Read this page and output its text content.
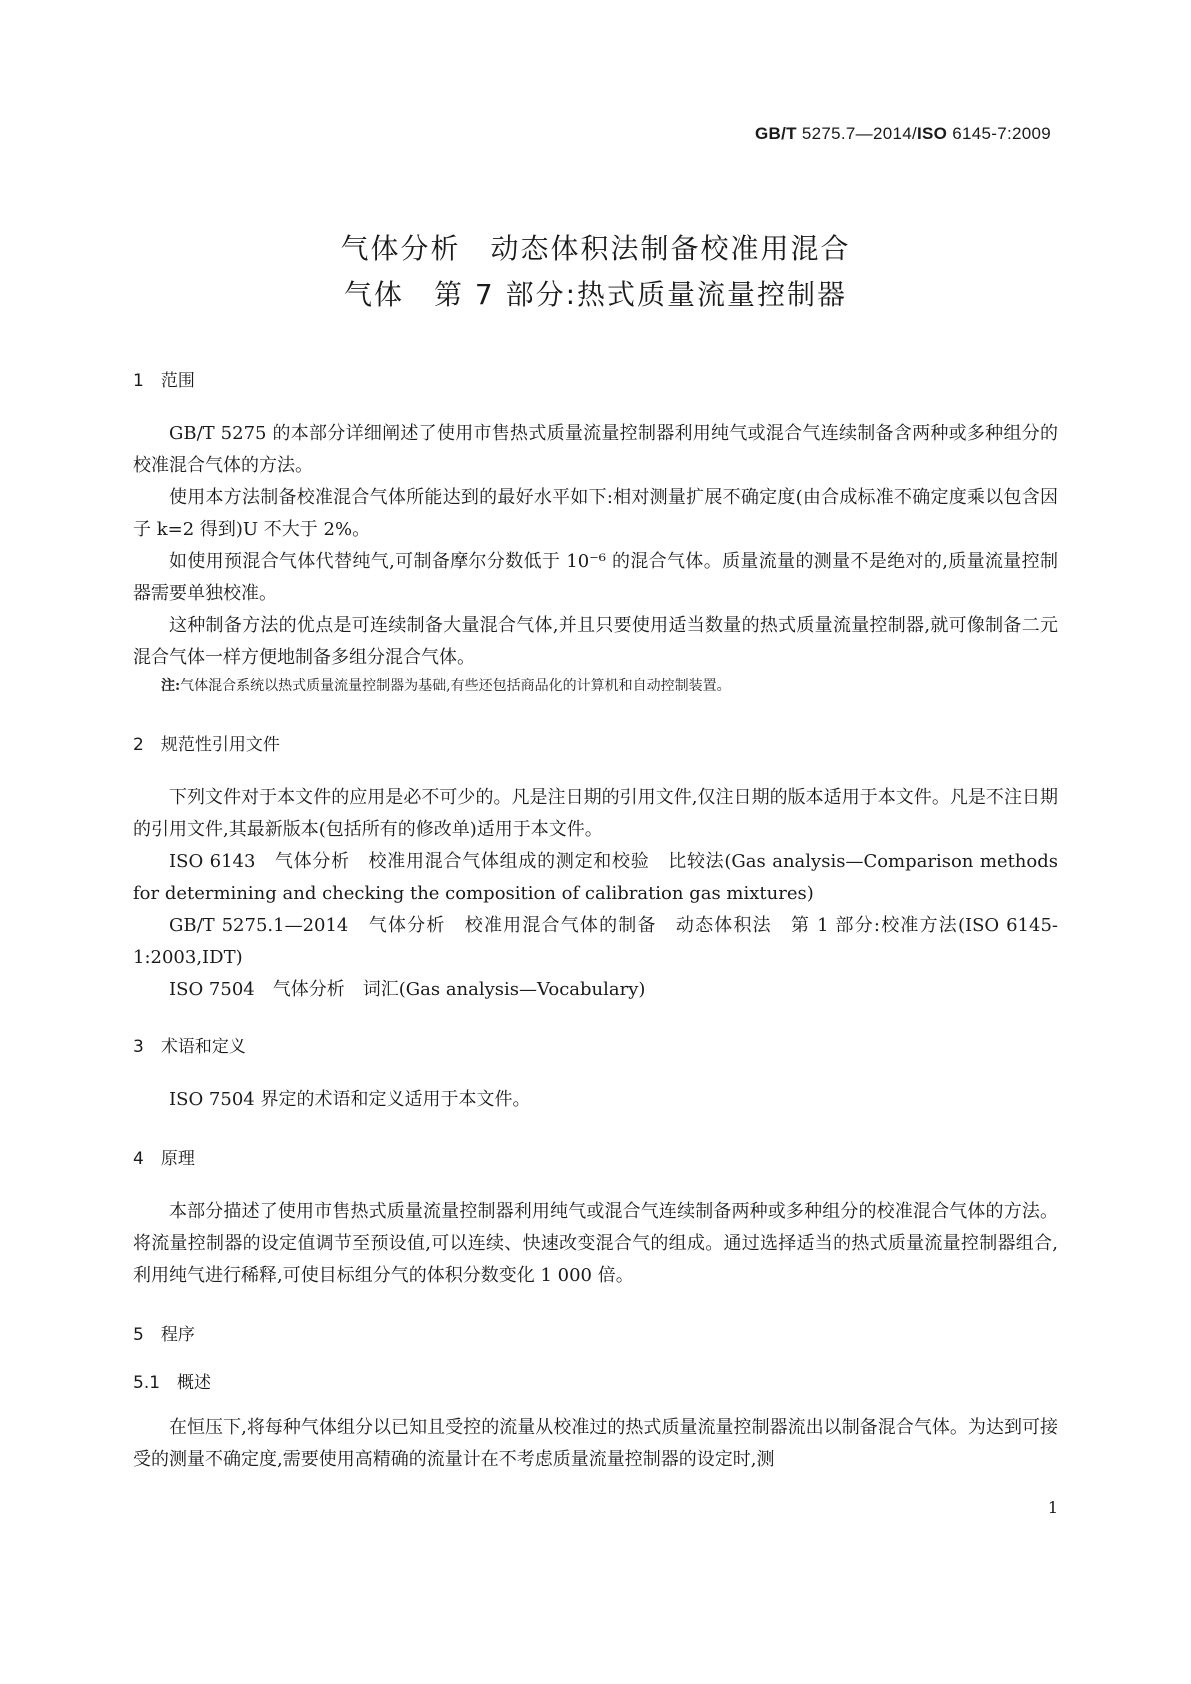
GB/T 5275.7—2014/ISO 6145-7:2009
气体分析　动态体积法制备校准用混合
气体　第 7 部分:热式质量流量控制器
1　范围

GB/T 5275 的本部分详细阐述了使用市售热式质量流量控制器利用纯气或混合气连续制备含两种或多种组分的校准混合气体的方法。

使用本方法制备校准混合气体所能达到的最好水平如下:相对测量扩展不确定度(由合成标准不确定度乘以包含因子 k=2 得到)U 不大于 2%。

如使用预混合气体代替纯气,可制备摩尔分数低于 10⁻⁶ 的混合气体。质量流量的测量不是绝对的,质量流量控制器需要单独校准。

这种制备方法的优点是可连续制备大量混合气体,并且只要使用适当数量的热式质量流量控制器,就可像制备二元混合气体一样方便地制备多组分混合气体。

注:气体混合系统以热式质量流量控制器为基础,有些还包括商品化的计算机和自动控制装置。

2　规范性引用文件

下列文件对于本文件的应用是必不可少的。凡是注日期的引用文件,仅注日期的版本适用于本文件。凡是不注日期的引用文件,其最新版本(包括所有的修改单)适用于本文件。

ISO 6143　气体分析　校准用混合气体组成的测定和校验　比较法(Gas analysis—Comparison methods for determining and checking the composition of calibration gas mixtures)

GB/T 5275.1—2014　气体分析　校准用混合气体的制备　动态体积法　第 1 部分:校准方法(ISO 6145-1:2003,IDT)

ISO 7504　气体分析　词汇(Gas analysis—Vocabulary)

3　术语和定义

ISO 7504 界定的术语和定义适用于本文件。

4　原理

本部分描述了使用市售热式质量流量控制器利用纯气或混合气连续制备两种或多种组分的校准混合气体的方法。将流量控制器的设定值调节至预设值,可以连续、快速改变混合气的组成。通过选择适当的热式质量流量控制器组合,利用纯气进行稀释,可使目标组分气的体积分数变化 1 000 倍。

5　程序
5.1　概述

在恒压下,将每种气体组分以已知且受控的流量从校准过的热式质量流量控制器流出以制备混合气体。为达到可接受的测量不确定度,需要使用高精确的流量计在不考虑质量流量控制器的设定时,测

1
